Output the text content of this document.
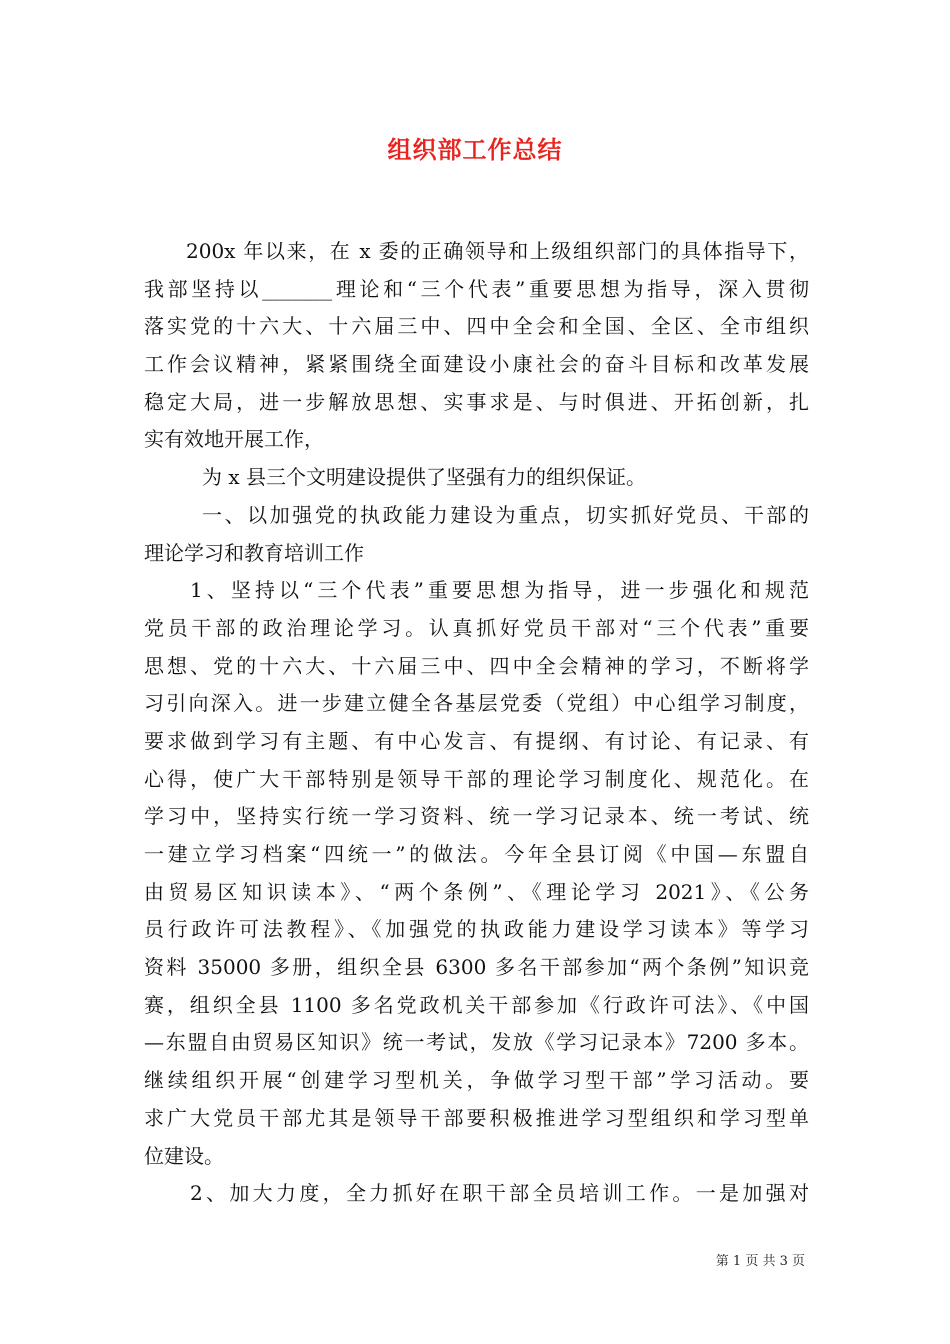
组织部工作总结
200x 年以来，在 x 委的正确领导和上级组织部门的具体指导下，
我部坚持以_______理论和“三个代表”重要思想为指导，深入贯彻
落实党的十六大、十六届三中、四中全会和全国、全区、全市组织
工作会议精神，紧紧围绕全面建设小康社会的奋斗目标和改革发展
稳定大局，进一步解放思想、实事求是、与时俱进、开拓创新，扎
实有效地开展工作，
为 x 县三个文明建设提供了坚强有力的组织保证。
一、以加强党的执政能力建设为重点，切实抓好党员、干部的
理论学习和教育培训工作
1、坚持以“三个代表”重要思想为指导，进一步强化和规范
党员干部的政治理论学习。认真抓好党员干部对“三个代表”重要
思想、党的十六大、十六届三中、四中全会精神的学习，不断将学
习引向深入。进一步建立健全各基层党委（党组）中心组学习制度，
要求做到学习有主题、有中心发言、有提纲、有讨论、有记录、有
心得，使广大干部特别是领导干部的理论学习制度化、规范化。在
学习中，坚持实行统一学习资料、统一学习记录本、统一考试、统
一建立学习档案“四统一”的做法。今年全县订阅《中国—东盟自
由贸易区知识读本》、“两个条例”、《理论学习 2021》、《公务
员行政许可法教程》、《加强党的执政能力建设学习读本》等学习
资料 35000 多册，组织全县 6300 多名干部参加“两个条例”知识竞
赛，组织全县 1100 多名党政机关干部参加《行政许可法》、《中国
—东盟自由贸易区知识》统一考试，发放《学习记录本》7200 多本。
继续组织开展“创建学习型机关，争做学习型干部”学习活动。要
求广大党员干部尤其是领导干部要积极推进学习型组织和学习型单
位建设。
2、加大力度，全力抓好在职干部全员培训工作。一是加强对
第 1 页 共 3 页
